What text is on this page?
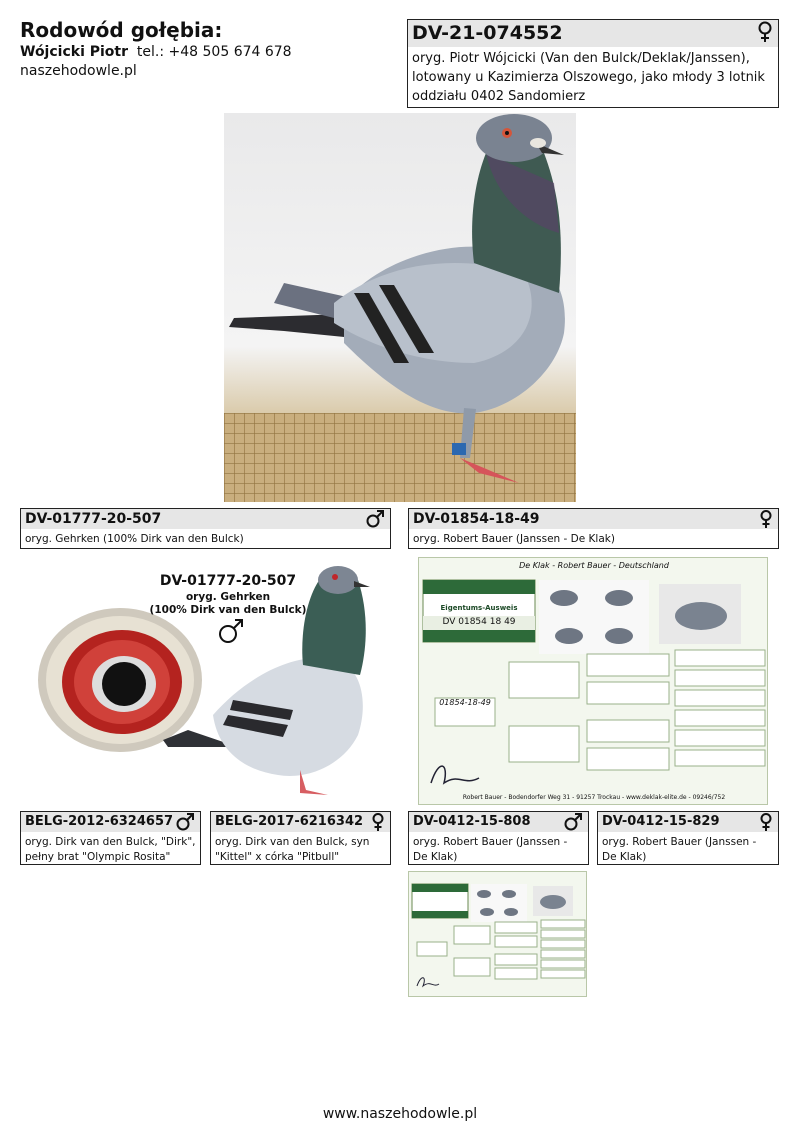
Rodowód gołębia:
Wójcicki Piotr tel.: +48 505 674 678
naszehodowle.pl
DV-21-074552
oryg. Piotr Wójcicki (Van den Bulck/Deklak/Janssen), lotowany u Kazimierza Olszowego, jako młody 3 lotnik oddziału 0402 Sandomierz
DV-01777-20-507
oryg. Gehrken (100% Dirk van den Bulck)
DV-01854-18-49
oryg. Robert Bauer (Janssen - De Klak)
DV-01777-20-507
oryg. Gehrken
(100% Dirk van den Bulck)
De Klak - Robert Bauer - Deutschland
Eigentums-Ausweis
DV 01854 18 49
01854-18-49
Robert Bauer - Bodendorfer Weg 31 - 91257 Trockau - www.deklak-elite.de - 09246/752
BELG-2012-6324657
oryg. Dirk van den Bulck, "Dirk", pełny brat "Olympic Rosita"
BELG-2017-6216342
oryg. Dirk van den Bulck, syn "Kittel" x córka "Pitbull"
DV-0412-15-808
oryg. Robert Bauer (Janssen - De Klak)
DV-0412-15-829
oryg. Robert Bauer (Janssen - De Klak)
www.naszehodowle.pl
